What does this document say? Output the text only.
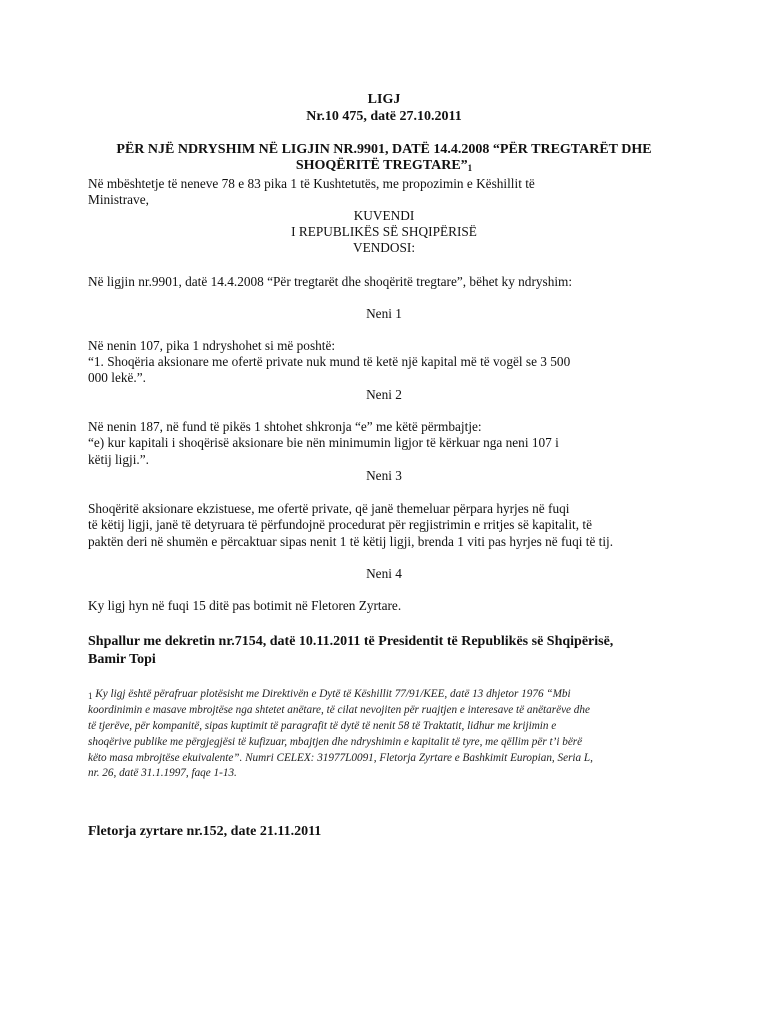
LIGJ
Nr.10 475, datë 27.10.2011
PËR NJË NDRYSHIM NË LIGJIN NR.9901, DATË 14.4.2008 “PËR TREGTARËT DHE
SHOQËRITË TREGTARE”1
Në mbështetje të neneve 78 e 83 pika 1 të Kushtetutës, me propozimin e Këshillit të
Ministrave,
KUVENDI
I REPUBLIKËS SË SHQIPËRISË
VENDOSI:
Në ligjin nr.9901, datë 14.4.2008 “Për tregtarët dhe shoqëritë tregtare”, bëhet ky ndryshim:
Neni 1
Në nenin 107, pika 1 ndryshohet si më poshtë:
“1. Shoqëria aksionare me ofertë private nuk mund të ketë një kapital më të vogël se 3 500
000 lekë.”.
Neni 2
Në nenin 187, në fund të pikës 1 shtohet shkronja “e” me këtë përmbajtje:
“e) kur kapitali i shoqërisë aksionare bie nën minimumin ligjor të kërkuar nga neni 107 i
këtij ligji.”.
Neni 3
Shoqëritë aksionare ekzistuese, me ofertë private, që janë themeluar përpara hyrjes në fuqi
të këtij ligji, janë të detyruara të përfundojnë procedurat për regjistrimin e rritjes së kapitalit, të
paktën deri në shumën e përcaktuar sipas nenit 1 të këtij ligji, brenda 1 viti pas hyrjes në fuqi të tij.
Neni 4
Ky ligj hyn në fuqi 15 ditë pas botimit në Fletoren Zyrtare.
Shpallur me dekretin nr.7154, datë 10.11.2011 të Presidentit të Republikës së Shqipërisë,
Bamir Topi
1 Ky ligj është përafruar plotësisht me Direktivën e Dytë të Këshillit 77/91/KEE, datë 13 dhjetor 1976 “Mbi
koordinimin e masave mbrojtëse nga shtetet anëtare, të cilat nevojiten për ruajtjen e interesave të anëtarëve dhe
të tjerëve, për kompanitë, sipas kuptimit të paragrafit të dytë të nenit 58 të Traktatit, lidhur me krijimin e
shoqërive publike me përgjegjësi të kufizuar, mbajtjen dhe ndryshimin e kapitalit të tyre, me qëllim për t’i bërë
këto masa mbrojtëse ekuivalente”. Numri CELEX: 31977L0091, Fletorja Zyrtare e Bashkimit Europian, Seria L,
nr. 26, datë 31.1.1997, faqe 1-13.
Fletorja zyrtare nr.152, date 21.11.2011
